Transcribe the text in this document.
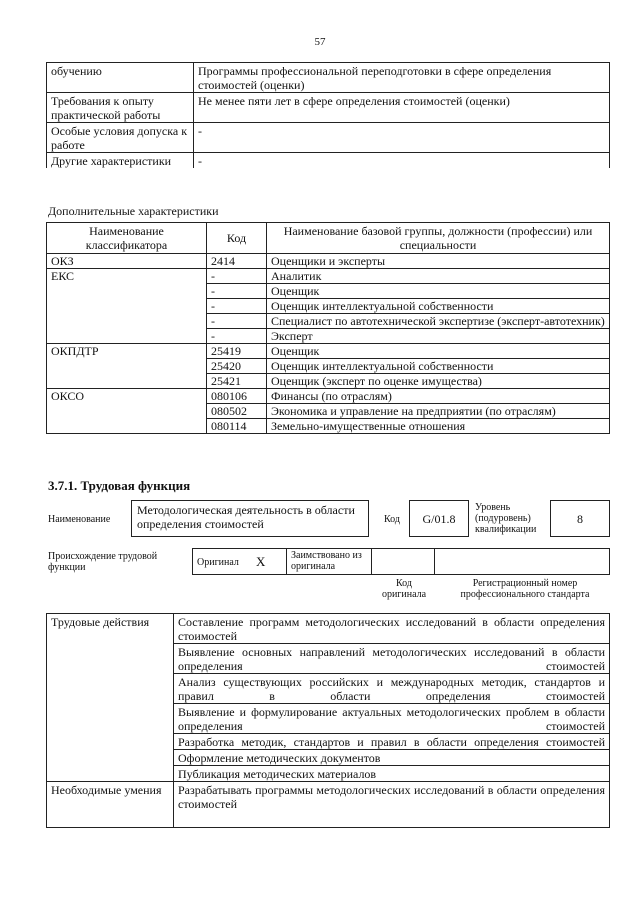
57
обучению	Программы профессиональной переподготовки в сфере определения стоимостей (оценки)
Требования к опыту практической работы	Не менее пяти лет в сфере определения стоимостей (оценки)
Особые условия допуска к работе	-
Другие характеристики	-
Дополнительные характеристики
Наименование классификатора	Код	Наименование базовой группы, должности (профессии) или специальности
ОКЗ	2414	Оценщики и эксперты
ЕКС	-	Аналитик
	-	Оценщик
	-	Оценщик интеллектуальной собственности
	-	Специалист по автотехнической экспертизе (эксперт-автотехник)
	-	Эксперт
ОКПДТР	25419	Оценщик
	25420	Оценщик интеллектуальной собственности
	25421	Оценщик (эксперт по оценке имущества)
ОКСО	080106	Финансы (по отраслям)
	080502	Экономика и управление на предприятии (по отраслям)
	080114	Земельно-имущественные отношения
3.7.1. Трудовая функция
Наименование
Методологическая деятельность в области определения стоимостей	Код	G/01.8
Уровень (подуровень) квалификации
8
Происхождение трудовой функции	Оригинал X	Заимствовано из оригинала
Код оригинала
Регистрационный номер профессионального стандарта
Трудовые действия	Составление программ методологических исследований в области определения стоимостей
	Выявление основных направлений методологических исследований в области определения стоимостей
	Анализ существующих российских и международных методик, стандартов и правил в области определения стоимостей
	Выявление и формулирование актуальных методологических проблем в области определения стоимостей
	Разработка методик, стандартов и правил в области определения стоимостей
	Оформление методических документов
	Публикация методических материалов
Необходимые умения	Разрабатывать программы методологических исследований в области определения стоимостей
